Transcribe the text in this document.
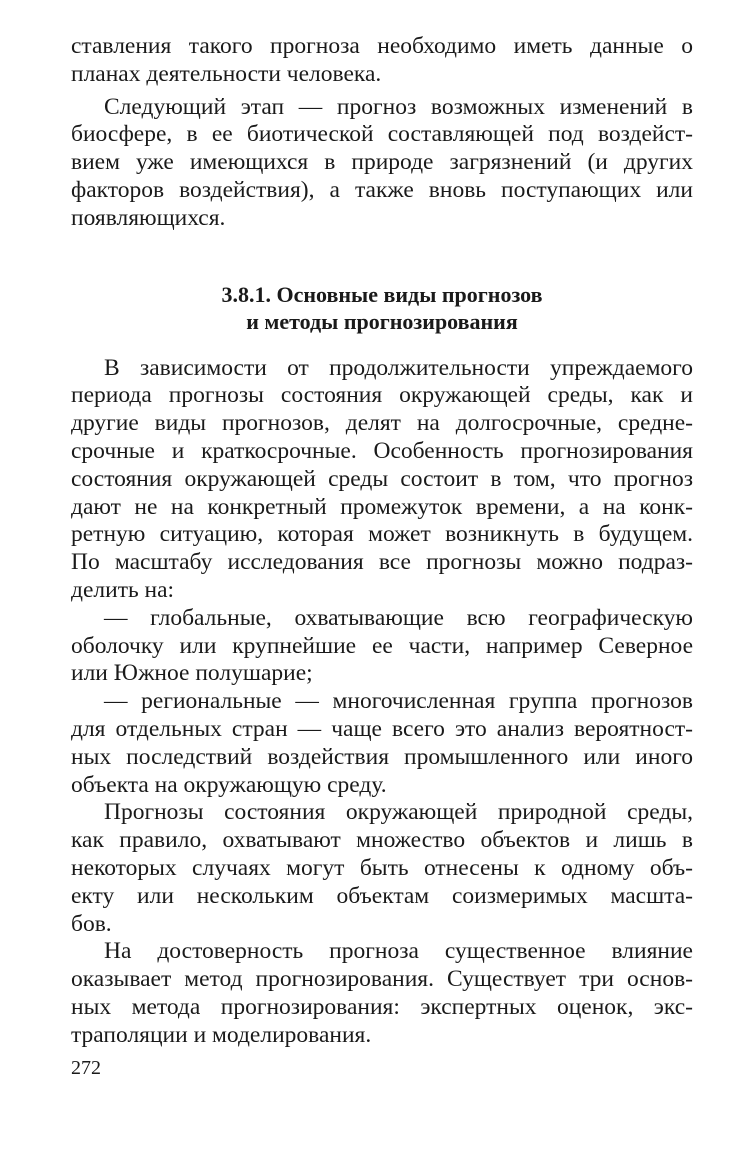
ставления такого прогноза необходимо иметь данные о
планах деятельности человека.
Следующий этап — прогноз возможных изменений в
биосфере, в ее биотической составляющей под воздейст-
вием уже имеющихся в природе загрязнений (и других
факторов воздействия), а также вновь поступающих или
появляющихся.
3.8.1. Основные виды прогнозов
и методы прогнозирования
В зависимости от продолжительности упреждаемого
периода прогнозы состояния окружающей среды, как и
другие виды прогнозов, делят на долгосрочные, средне-
срочные и краткосрочные. Особенность прогнозирования
состояния окружающей среды состоит в том, что прогноз
дают не на конкретный промежуток времени, а на конк-
ретную ситуацию, которая может возникнуть в будущем.
По масштабу исследования все прогнозы можно подраз-
делить на:
— глобальные, охватывающие всю географическую
оболочку или крупнейшие ее части, например Северное
или Южное полушарие;
— региональные — многочисленная группа прогнозов
для отдельных стран — чаще всего это анализ вероятност-
ных последствий воздействия промышленного или иного
объекта на окружающую среду.
Прогнозы состояния окружающей природной среды,
как правило, охватывают множество объектов и лишь в
некоторых случаях могут быть отнесены к одному объ-
екту или нескольким объектам соизмеримых масшта-
бов.
На достоверность прогноза существенное влияние
оказывает метод прогнозирования. Существует три основ-
ных метода прогнозирования: экспертных оценок, экс-
траполяции и моделирования.
272
